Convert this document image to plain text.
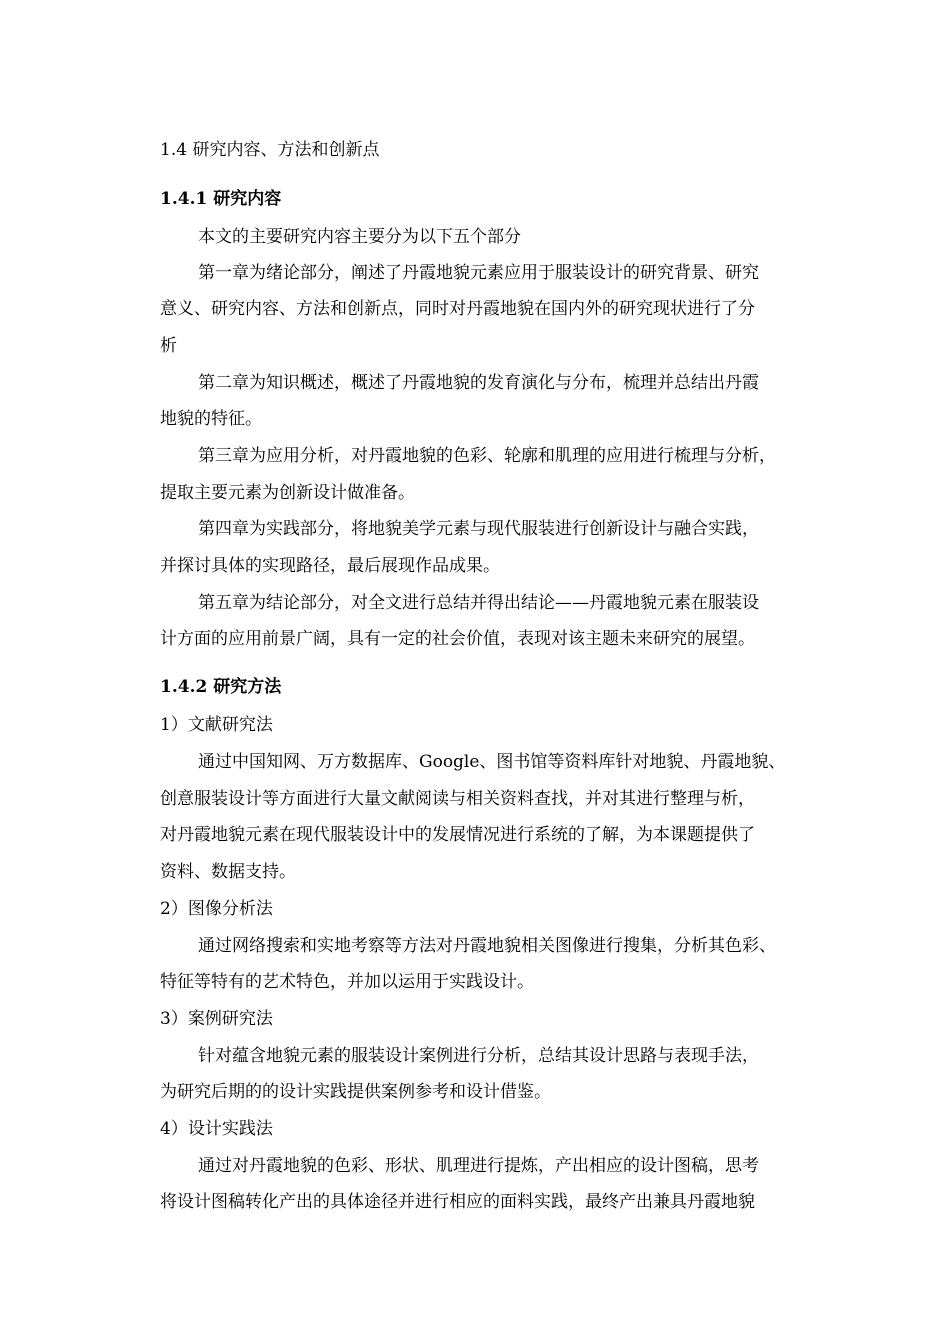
1.4 研究内容、方法和创新点

1.4.1 研究内容

本文的主要研究内容主要分为以下五个部分

第一章为绪论部分，阐述了丹霞地貌元素应用于服装设计的研究背景、研究

意义、研究内容、方法和创新点，同时对丹霞地貌在国内外的研究现状进行了分

析

第二章为知识概述，概述了丹霞地貌的发育演化与分布，梳理并总结出丹霞

地貌的特征。

第三章为应用分析，对丹霞地貌的色彩、轮廓和肌理的应用进行梳理与分析，

提取主要元素为创新设计做准备。

第四章为实践部分，将地貌美学元素与现代服装进行创新设计与融合实践，

并探讨具体的实现路径，最后展现作品成果。

第五章为结论部分，对全文进行总结并得出结论——丹霞地貌元素在服装设

计方面的应用前景广阔，具有一定的社会价值，表现对该主题未来研究的展望。

1.4.2 研究方法

1）文献研究法

通过中国知网、万方数据库、Google、图书馆等资料库针对地貌、丹霞地貌、

创意服装设计等方面进行大量文献阅读与相关资料查找，并对其进行整理与析，

对丹霞地貌元素在现代服装设计中的发展情况进行系统的了解，为本课题提供了

资料、数据支持。

2）图像分析法

通过网络搜索和实地考察等方法对丹霞地貌相关图像进行搜集，分析其色彩、

特征等特有的艺术特色，并加以运用于实践设计。

3）案例研究法

针对蕴含地貌元素的服装设计案例进行分析，总结其设计思路与表现手法，

为研究后期的的设计实践提供案例参考和设计借鉴。

4）设计实践法

通过对丹霞地貌的色彩、形状、肌理进行提炼，产出相应的设计图稿，思考

将设计图稿转化产出的具体途径并进行相应的面料实践，最终产出兼具丹霞地貌
